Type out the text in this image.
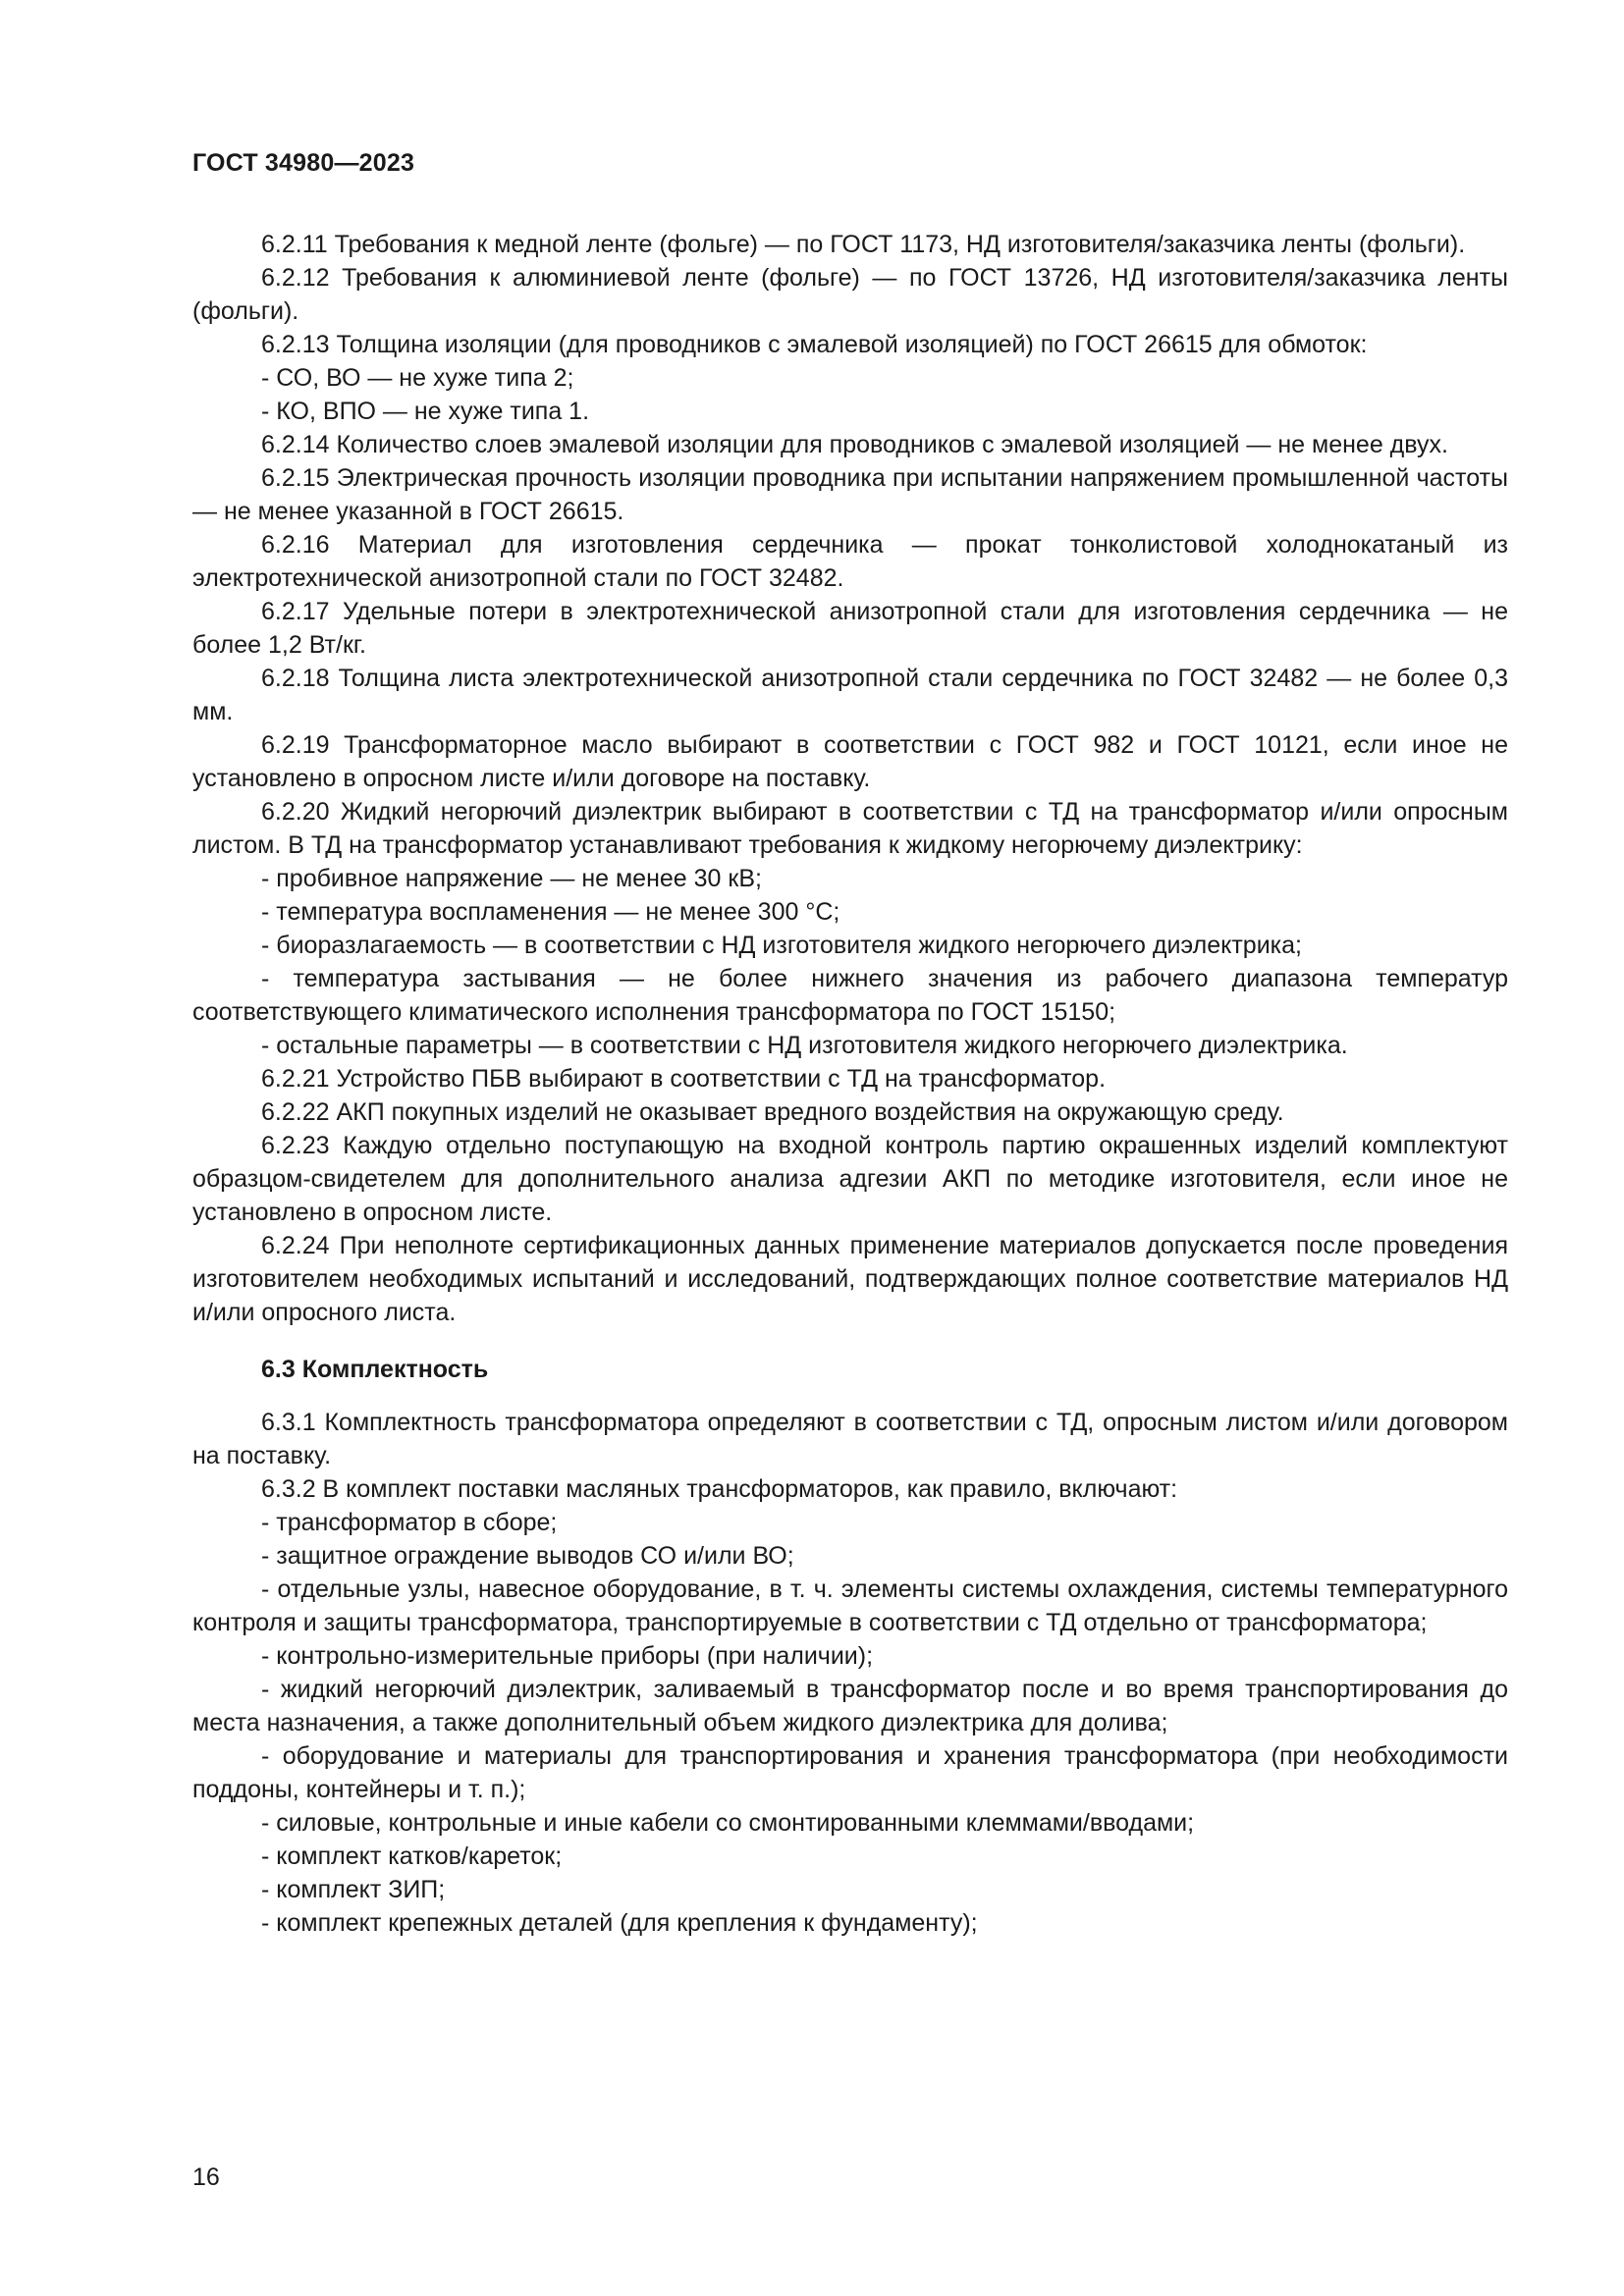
ГОСТ 34980—2023

6.2.11 Требования к медной ленте (фольге) — по ГОСТ 1173, НД изготовителя/заказчика ленты (фольги).

6.2.12 Требования к алюминиевой ленте (фольге) — по ГОСТ 13726, НД изготовителя/заказчика ленты (фольги).

6.2.13 Толщина изоляции (для проводников с эмалевой изоляцией) по ГОСТ 26615 для обмоток:

- СО, ВО — не хуже типа 2;

- КО, ВПО — не хуже типа 1.

6.2.14 Количество слоев эмалевой изоляции для проводников с эмалевой изоляцией — не менее двух.

6.2.15 Электрическая прочность изоляции проводника при испытании напряжением промышленной частоты — не менее указанной в ГОСТ 26615.

6.2.16 Материал для изготовления сердечника — прокат тонколистовой холоднокатаный из электротехнической анизотропной стали по ГОСТ 32482.

6.2.17 Удельные потери в электротехнической анизотропной стали для изготовления сердечника — не более 1,2 Вт/кг.

6.2.18 Толщина листа электротехнической анизотропной стали сердечника по ГОСТ 32482 — не более 0,3 мм.

6.2.19 Трансформаторное масло выбирают в соответствии с ГОСТ 982 и ГОСТ 10121, если иное не установлено в опросном листе и/или договоре на поставку.

6.2.20 Жидкий негорючий диэлектрик выбирают в соответствии с ТД на трансформатор и/или опросным листом. В ТД на трансформатор устанавливают требования к жидкому негорючему диэлектрику:

- пробивное напряжение — не менее 30 кВ;

- температура воспламенения — не менее 300 °С;

- биоразлагаемость — в соответствии с НД изготовителя жидкого негорючего диэлектрика;

- температура застывания — не более нижнего значения из рабочего диапазона температур соответствующего климатического исполнения трансформатора по ГОСТ 15150;

- остальные параметры — в соответствии с НД изготовителя жидкого негорючего диэлектрика.

6.2.21 Устройство ПБВ выбирают в соответствии с ТД на трансформатор.

6.2.22 АКП покупных изделий не оказывает вредного воздействия на окружающую среду.

6.2.23 Каждую отдельно поступающую на входной контроль партию окрашенных изделий комплектуют образцом-свидетелем для дополнительного анализа адгезии АКП по методике изготовителя, если иное не установлено в опросном листе.

6.2.24 При неполноте сертификационных данных применение материалов допускается после проведения изготовителем необходимых испытаний и исследований, подтверждающих полное соответствие материалов НД и/или опросного листа.

6.3 Комплектность

6.3.1 Комплектность трансформатора определяют в соответствии с ТД, опросным листом и/или договором на поставку.

6.3.2 В комплект поставки масляных трансформаторов, как правило, включают:

- трансформатор в сборе;

- защитное ограждение выводов СО и/или ВО;

- отдельные узлы, навесное оборудование, в т. ч. элементы системы охлаждения, системы температурного контроля и защиты трансформатора, транспортируемые в соответствии с ТД отдельно от трансформатора;

- контрольно-измерительные приборы (при наличии);

- жидкий негорючий диэлектрик, заливаемый в трансформатор после и во время транспортирования до места назначения, а также дополнительный объем жидкого диэлектрика для долива;

- оборудование и материалы для транспортирования и хранения трансформатора (при необходимости поддоны, контейнеры и т. п.);

- силовые, контрольные и иные кабели со смонтированными клеммами/вводами;

- комплект катков/кареток;

- комплект ЗИП;

- комплект крепежных деталей (для крепления к фундаменту);

16
